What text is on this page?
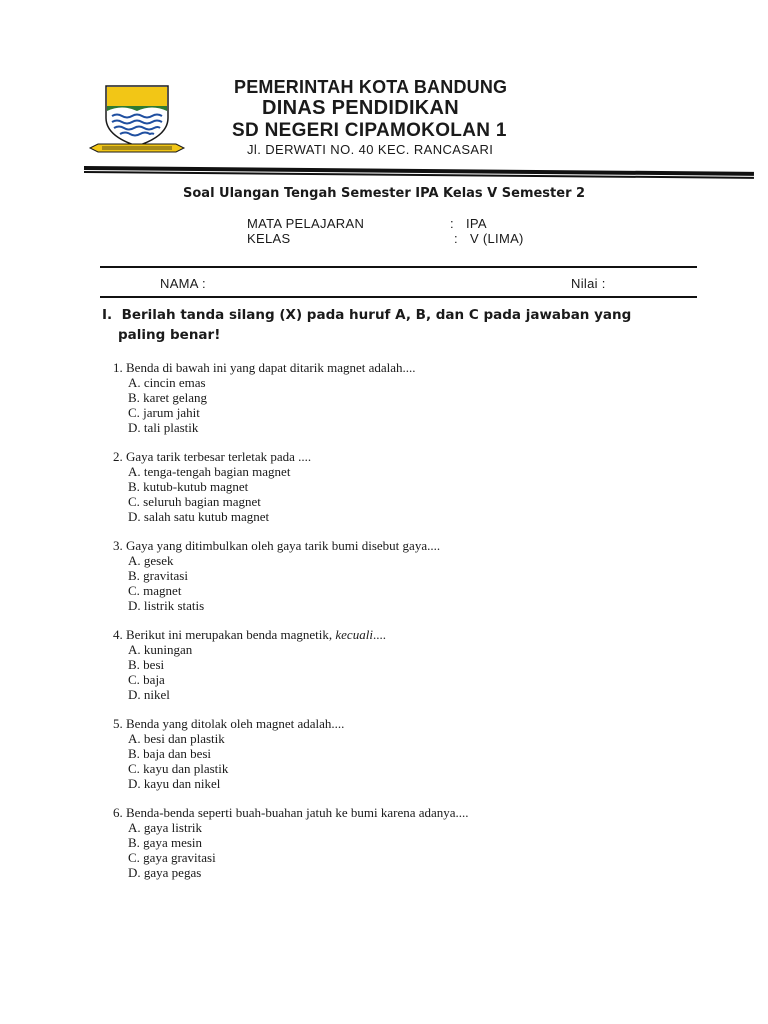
PEMERINTAH KOTA BANDUNG
DINAS PENDIDIKAN
SD NEGERI CIPAMOKOLAN 1
Jl. DERWATI NO. 40 KEC. RANCASARI
Soal Ulangan Tengah Semester IPA Kelas V Semester 2
MATA PELAJARAN	: IPA
KELAS	: V (LIMA)
NAMA :	Nilai :
I. Berilah tanda silang (X) pada huruf A, B, dan C pada jawaban yang
paling benar!
1. Benda di bawah ini yang dapat ditarik magnet adalah....
A. cincin emas
B. karet gelang
C. jarum jahit
D. tali plastik
2. Gaya tarik terbesar terletak pada ....
A. tenga-tengah bagian magnet
B. kutub-kutub magnet
C. seluruh bagian magnet
D. salah satu kutub magnet
3. Gaya yang ditimbulkan oleh gaya tarik bumi disebut gaya....
A. gesek
B. gravitasi
C. magnet
D. listrik statis
4. Berikut ini merupakan benda magnetik, kecuali....
A. kuningan
B. besi
C. baja
D. nikel
5. Benda yang ditolak oleh magnet adalah....
A. besi dan plastik
B. baja dan besi
C. kayu dan plastik
D. kayu dan nikel
6. Benda-benda seperti buah-buahan jatuh ke bumi karena adanya....
A. gaya listrik
B. gaya mesin
C. gaya gravitasi
D. gaya pegas
